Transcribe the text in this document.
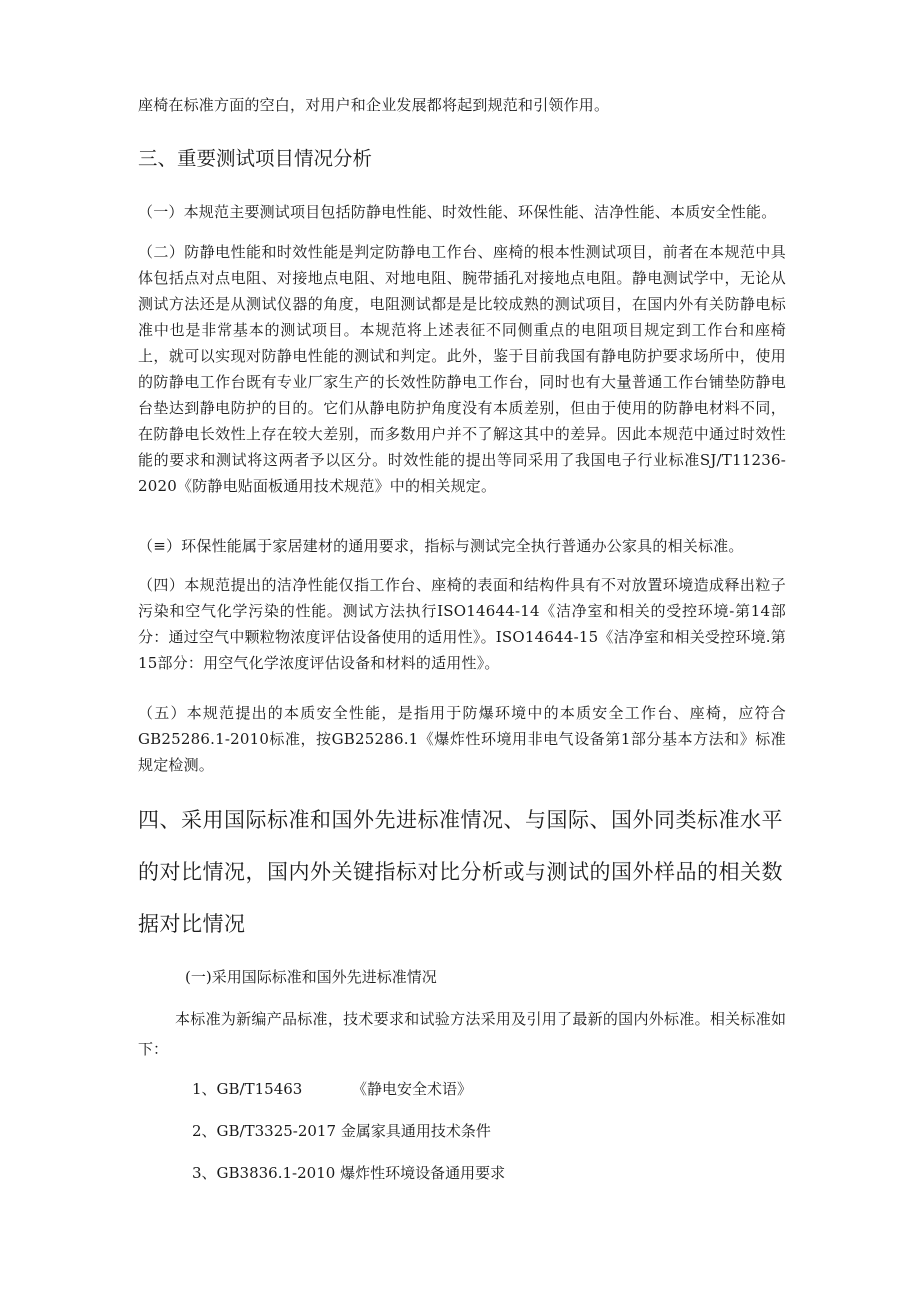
座椅在标准方面的空白，对用户和企业发展都将起到规范和引领作用。

三、重要测试项目情况分析

（一）本规范主要测试项目包括防静电性能、时效性能、环保性能、洁净性能、本质安全性能。

（二）防静电性能和时效性能是判定防静电工作台、座椅的根本性测试项目，前者在本规范中具体包括点对点电阻、对接地点电阻、对地电阻、腕带插孔对接地点电阻。静电测试学中，无论从测试方法还是从测试仪器的角度，电阻测试都是是比较成熟的测试项目，在国内外有关防静电标准中也是非常基本的测试项目。本规范将上述表征不同侧重点的电阻项目规定到工作台和座椅上，就可以实现对防静电性能的测试和判定。此外，鉴于目前我国有静电防护要求场所中，使用的防静电工作台既有专业厂家生产的长效性防静电工作台，同时也有大量普通工作台铺垫防静电台垫达到静电防护的目的。它们从静电防护角度没有本质差别，但由于使用的防静电材料不同，在防静电长效性上存在较大差别，而多数用户并不了解这其中的差异。因此本规范中通过时效性能的要求和测试将这两者予以区分。时效性能的提出等同采用了我国电子行业标准SJ/T11236-2020《防静电贴面板通用技术规范》中的相关规定。

（≡）环保性能属于家居建材的通用要求，指标与测试完全执行普通办公家具的相关标准。

（四）本规范提出的洁净性能仅指工作台、座椅的表面和结构件具有不对放置环境造成释出粒子污染和空气化学污染的性能。测试方法执行ISO14644-14《洁净室和相关的受控环境-第14部分：通过空气中颗粒物浓度评估设备使用的适用性》。ISO14644-15《洁净室和相关受控环境.第15部分：用空气化学浓度评估设备和材料的适用性》。

（五）本规范提出的本质安全性能，是指用于防爆环境中的本质安全工作台、座椅，应符合GB25286.1-2010标准，按GB25286.1《爆炸性环境用非电气设备第1部分基本方法和》标准规定检测。

四、采用国际标准和国外先进标准情况、与国际、国外同类标准水平的对比情况，国内外关键指标对比分析或与测试的国外样品的相关数据对比情况

(一)采用国际标准和国外先进标准情况

本标准为新编产品标准，技术要求和试验方法采用及引用了最新的国内外标准。相关标准如下：

1、GB/T15463	《静电安全术语》
2、GB/T3325-2017 金属家具通用技术条件
3、GB3836.1-2010 爆炸性环境设备通用要求
